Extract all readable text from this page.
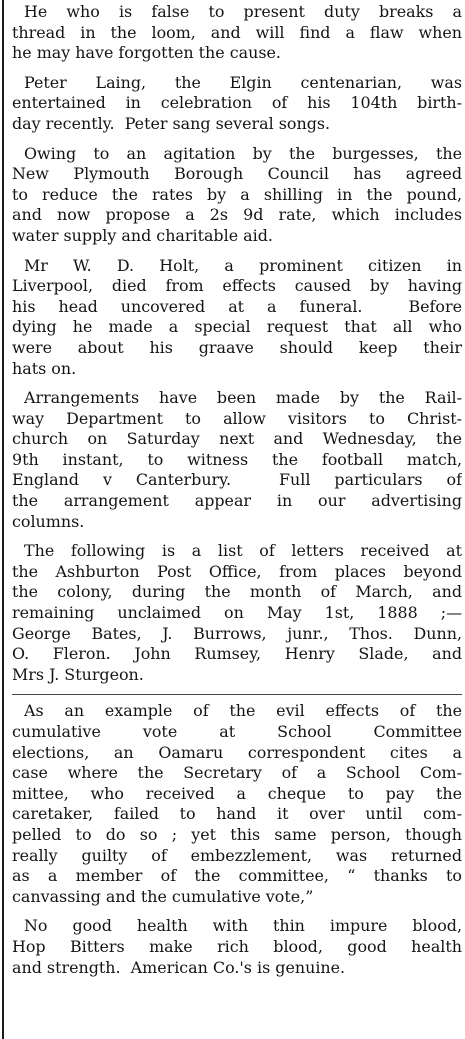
He who is false to present duty breaks a
thread in the loom, and will find a flaw when
he may have forgotten the cause.
Peter Laing, the Elgin centenarian, was
entertained in celebration of his 104th birth-
day recently.  Peter sang several songs.
Owing to an agitation by the burgesses, the
New Plymouth Borough Council has agreed
to reduce the rates by a shilling in the pound,
and now propose a 2s 9d rate, which includes
water supply and charitable aid.
Mr W. D. Holt, a prominent citizen in
Liverpool, died from effects caused by having
his head uncovered at a funeral.  Before
dying he made a special request that all who
were about his graave should keep their
hats on.
Arrangements have been made by the Rail-
way Department to allow visitors to Christ-
church on Saturday next and Wednesday, the
9th instant, to witness the football match,
England v Canterbury.  Full particulars of
the arrangement appear in our advertising
columns.
The following is a list of letters received at
the Ashburton Post Office, from places beyond
the colony, during the month of March, and
remaining unclaimed on May 1st, 1888 ;—
George Bates, J. Burrows, junr., Thos. Dunn,
O. Fleron. John Rumsey, Henry Slade, and
Mrs J. Sturgeon.
As an example of the evil effects of the
cumulative    vote    at    School    Committee
elections, an Oamaru correspondent cites a
case where the Secretary of a School Com-
mittee, who received a cheque to pay the
caretaker, failed to hand it over until com-
pelled to do so ; yet this same person, though
really guilty of embezzlement, was returned
as a member of the committee, “ thanks to
canvassing and the cumulative vote,”
No good health with thin impure blood,
Hop Bitters make rich blood, good health
and strength.  American Co.'s is genuine.
